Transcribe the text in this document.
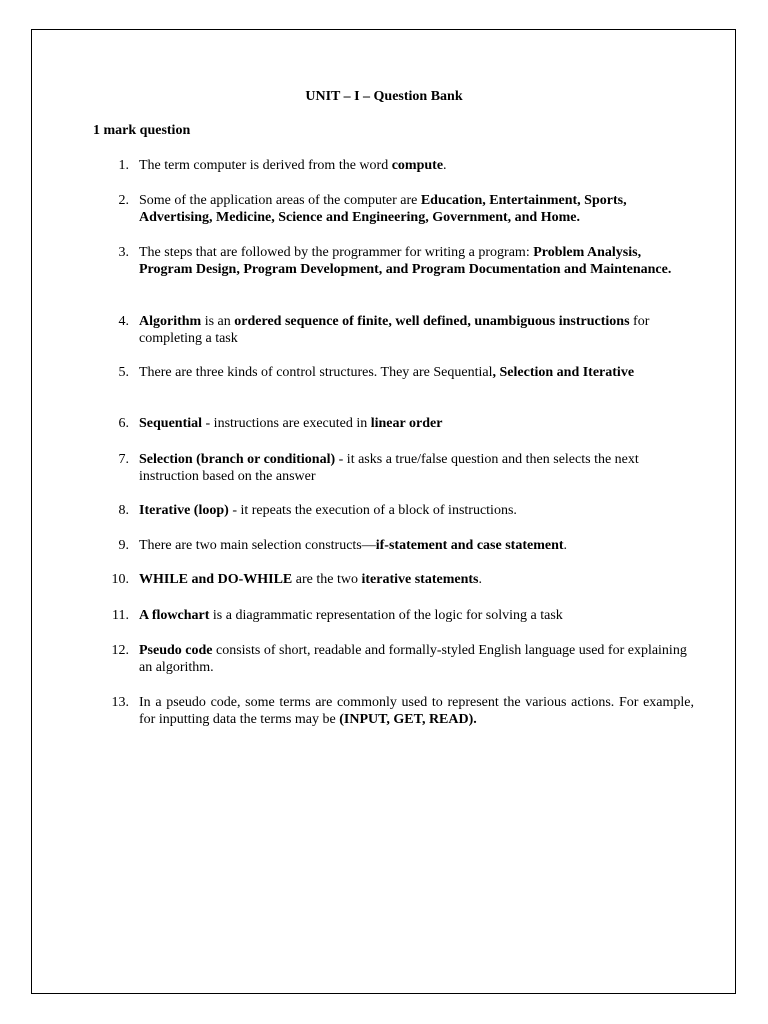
UNIT – I – Question Bank
1 mark question
1. The term computer is derived from the word compute.
2. Some of the application areas of the computer are Education, Entertainment, Sports, Advertising, Medicine, Science and Engineering, Government, and Home.
3. The steps that are followed by the programmer for writing a program: Problem Analysis, Program Design, Program Development, and Program Documentation and Maintenance.
4. Algorithm is an ordered sequence of finite, well defined, unambiguous instructions for completing a task
5. There are three kinds of control structures. They are Sequential, Selection and Iterative
6. Sequential - instructions are executed in linear order
7. Selection (branch or conditional) - it asks a true/false question and then selects the next instruction based on the answer
8. Iterative (loop) - it repeats the execution of a block of instructions.
9. There are two main selection constructs—if-statement and case statement.
10. WHILE and DO-WHILE are the two iterative statements.
11. A flowchart is a diagrammatic representation of the logic for solving a task
12. Pseudo code consists of short, readable and formally-styled English language used for explaining an algorithm.
13. In a pseudo code, some terms are commonly used to represent the various actions. For example, for inputting data the terms may be (INPUT, GET, READ).
